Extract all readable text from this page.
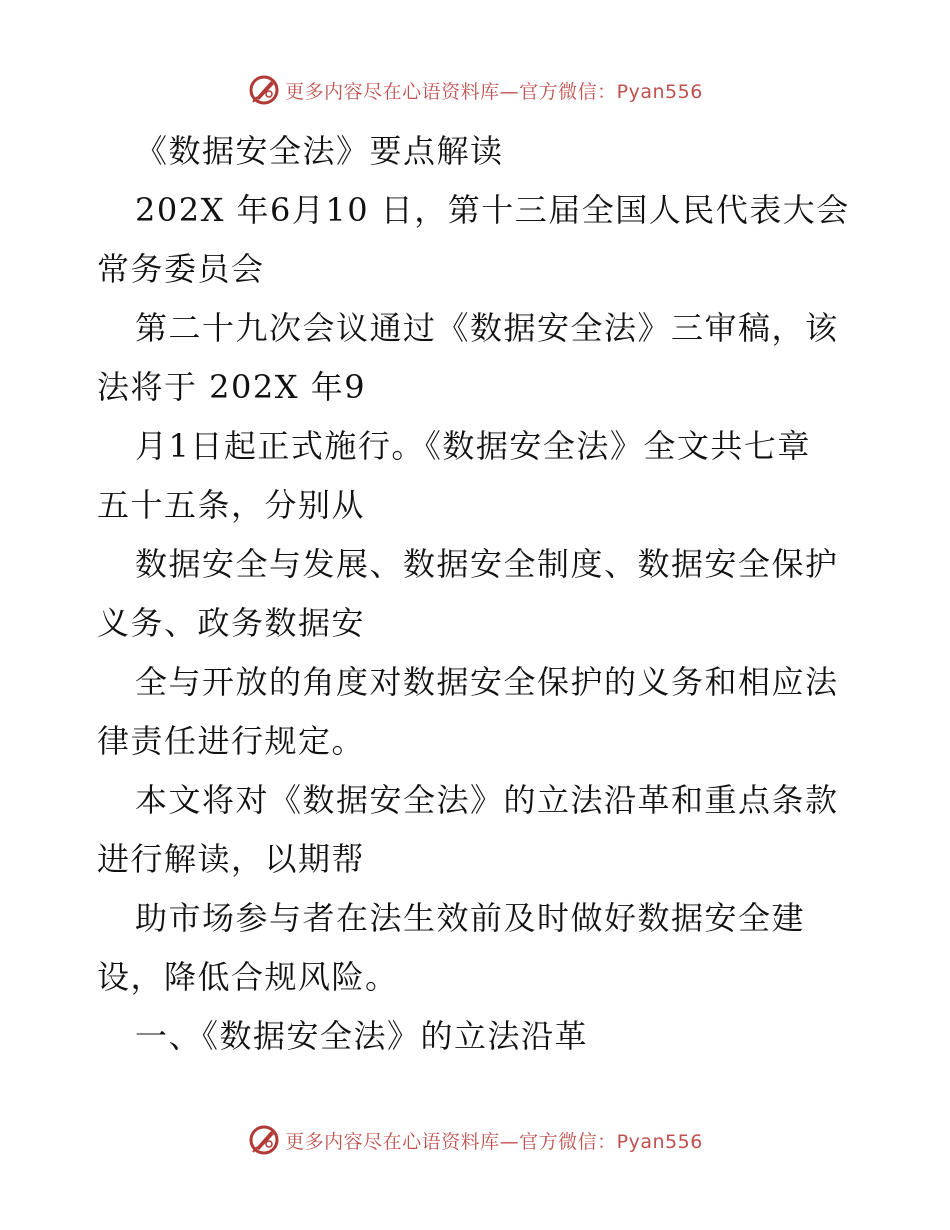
更多内容尽在心语资料库—官方微信：Pyan556
《数据安全法》要点解读
202X 年6月10 日，第十三届全国人民代表大会
常务委员会
第二十九次会议通过《数据安全法》三审稿，该
法将于 202X 年9
月1日起正式施行。《数据安全法》全文共七章
五十五条，分别从
数据安全与发展、数据安全制度、数据安全保护
义务、政务数据安
全与开放的角度对数据安全保护的义务和相应法
律责任进行规定。
本文将对《数据安全法》的立法沿革和重点条款
进行解读，以期帮
助市场参与者在法生效前及时做好数据安全建
设，降低合规风险。
一、《数据安全法》的立法沿革
更多内容尽在心语资料库—官方微信：Pyan556
